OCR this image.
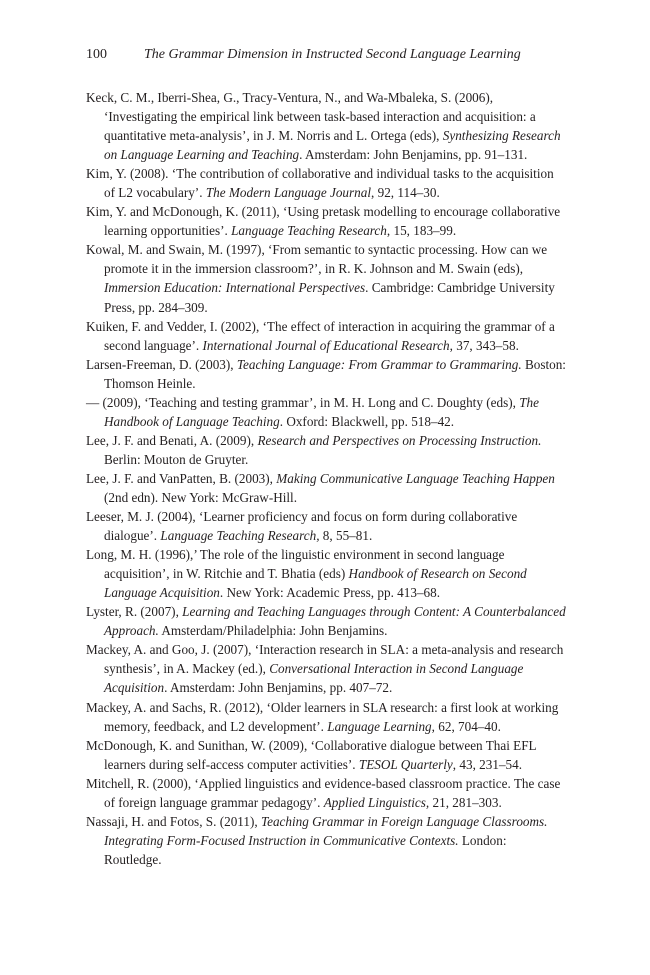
100	The Grammar Dimension in Instructed Second Language Learning
Keck, C. M., Iberri-Shea, G., Tracy-Ventura, N., and Wa-Mbaleka, S. (2006), ‘Investigating the empirical link between task-based interaction and acquisition: a quantitative meta-analysis’, in J. M. Norris and L. Ortega (eds), Synthesizing Research on Language Learning and Teaching. Amsterdam: John Benjamins, pp. 91–131.
Kim, Y. (2008). ‘The contribution of collaborative and individual tasks to the acquisition of L2 vocabulary’. The Modern Language Journal, 92, 114–30.
Kim, Y. and McDonough, K. (2011), ‘Using pretask modelling to encourage collaborative learning opportunities’. Language Teaching Research, 15, 183–99.
Kowal, M. and Swain, M. (1997), ‘From semantic to syntactic processing. How can we promote it in the immersion classroom?’, in R. K. Johnson and M. Swain (eds), Immersion Education: International Perspectives. Cambridge: Cambridge University Press, pp. 284–309.
Kuiken, F. and Vedder, I. (2002), ‘The effect of interaction in acquiring the grammar of a second language’. International Journal of Educational Research, 37, 343–58.
Larsen-Freeman, D. (2003), Teaching Language: From Grammar to Grammaring. Boston: Thomson Heinle.
— (2009), ‘Teaching and testing grammar’, in M. H. Long and C. Doughty (eds), The Handbook of Language Teaching. Oxford: Blackwell, pp. 518–42.
Lee, J. F. and Benati, A. (2009), Research and Perspectives on Processing Instruction. Berlin: Mouton de Gruyter.
Lee, J. F. and VanPatten, B. (2003), Making Communicative Language Teaching Happen (2nd edn). New York: McGraw-Hill.
Leeser, M. J. (2004), ‘Learner proficiency and focus on form during collaborative dialogue’. Language Teaching Research, 8, 55–81.
Long, M. H. (1996),’ The role of the linguistic environment in second language acquisition’, in W. Ritchie and T. Bhatia (eds) Handbook of Research on Second Language Acquisition. New York: Academic Press, pp. 413–68.
Lyster, R. (2007), Learning and Teaching Languages through Content: A Counterbalanced Approach. Amsterdam/Philadelphia: John Benjamins.
Mackey, A. and Goo, J. (2007), ‘Interaction research in SLA: a meta-analysis and research synthesis’, in A. Mackey (ed.), Conversational Interaction in Second Language Acquisition. Amsterdam: John Benjamins, pp. 407–72.
Mackey, A. and Sachs, R. (2012), ‘Older learners in SLA research: a first look at working memory, feedback, and L2 development’. Language Learning, 62, 704–40.
McDonough, K. and Sunithan, W. (2009), ‘Collaborative dialogue between Thai EFL learners during self-access computer activities’. TESOL Quarterly, 43, 231–54.
Mitchell, R. (2000), ‘Applied linguistics and evidence-based classroom practice. The case of foreign language grammar pedagogy’. Applied Linguistics, 21, 281–303.
Nassaji, H. and Fotos, S. (2011), Teaching Grammar in Foreign Language Classrooms. Integrating Form-Focused Instruction in Communicative Contexts. London: Routledge.
